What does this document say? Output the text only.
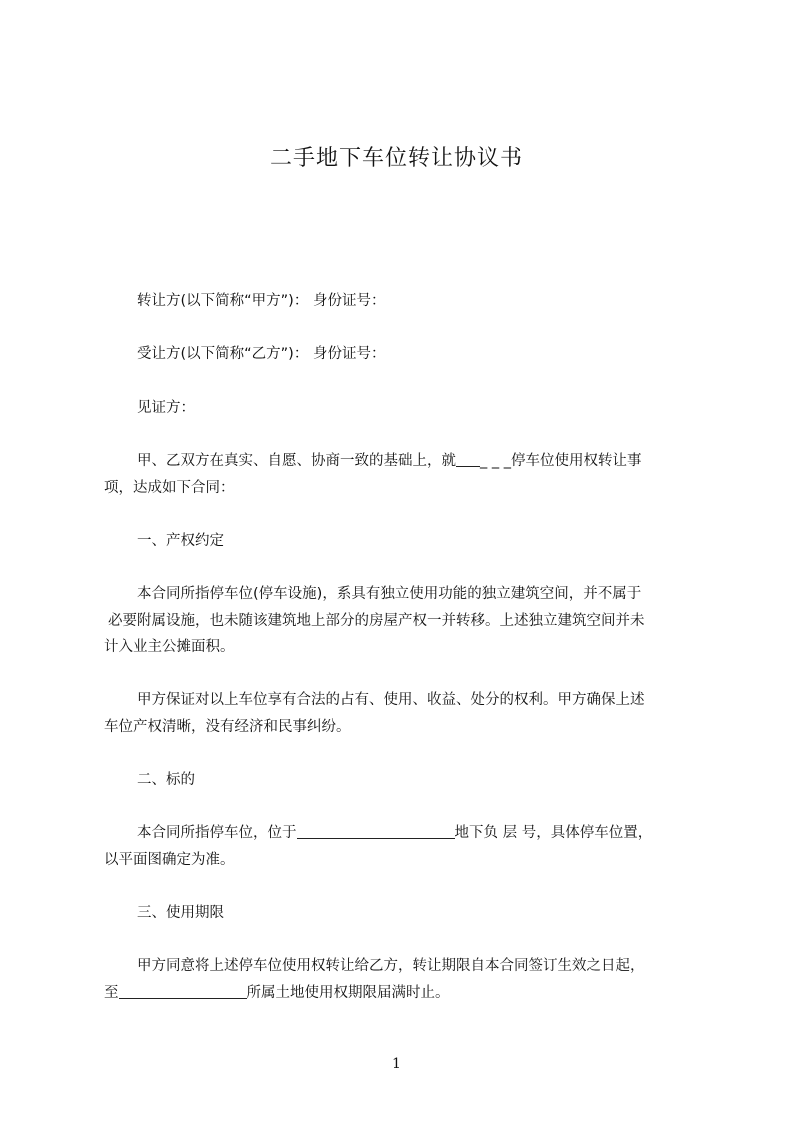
二手地下车位转让协议书
转让方(以下简称“甲方”)： 身份证号：
受让方(以下简称“乙方”)： 身份证号：
见证方：
甲、乙双方在真实、自愿、协商一致的基础上，就 _ _ _停车位使用权转让事
项，达成如下合同：
一、产权约定
本合同所指停车位(停车设施)，系具有独立使用功能的独立建筑空间，并不属于
必要附属设施，也未随该建筑地上部分的房屋产权一并转移。上述独立建筑空间并未
计入业主公摊面积。
甲方保证对以上车位享有合法的占有、使用、收益、处分的权利。甲方确保上述
车位产权清晰，没有经济和民事纠纷。
二、标的
本合同所指停车位，位于	地下负 层 号，具体停车位置，
以平面图确定为准。
三、使用期限
甲方同意将上述停车位使用权转让给乙方，转让期限自本合同签订生效之日起，
至	所属土地使用权期限届满时止。
1
